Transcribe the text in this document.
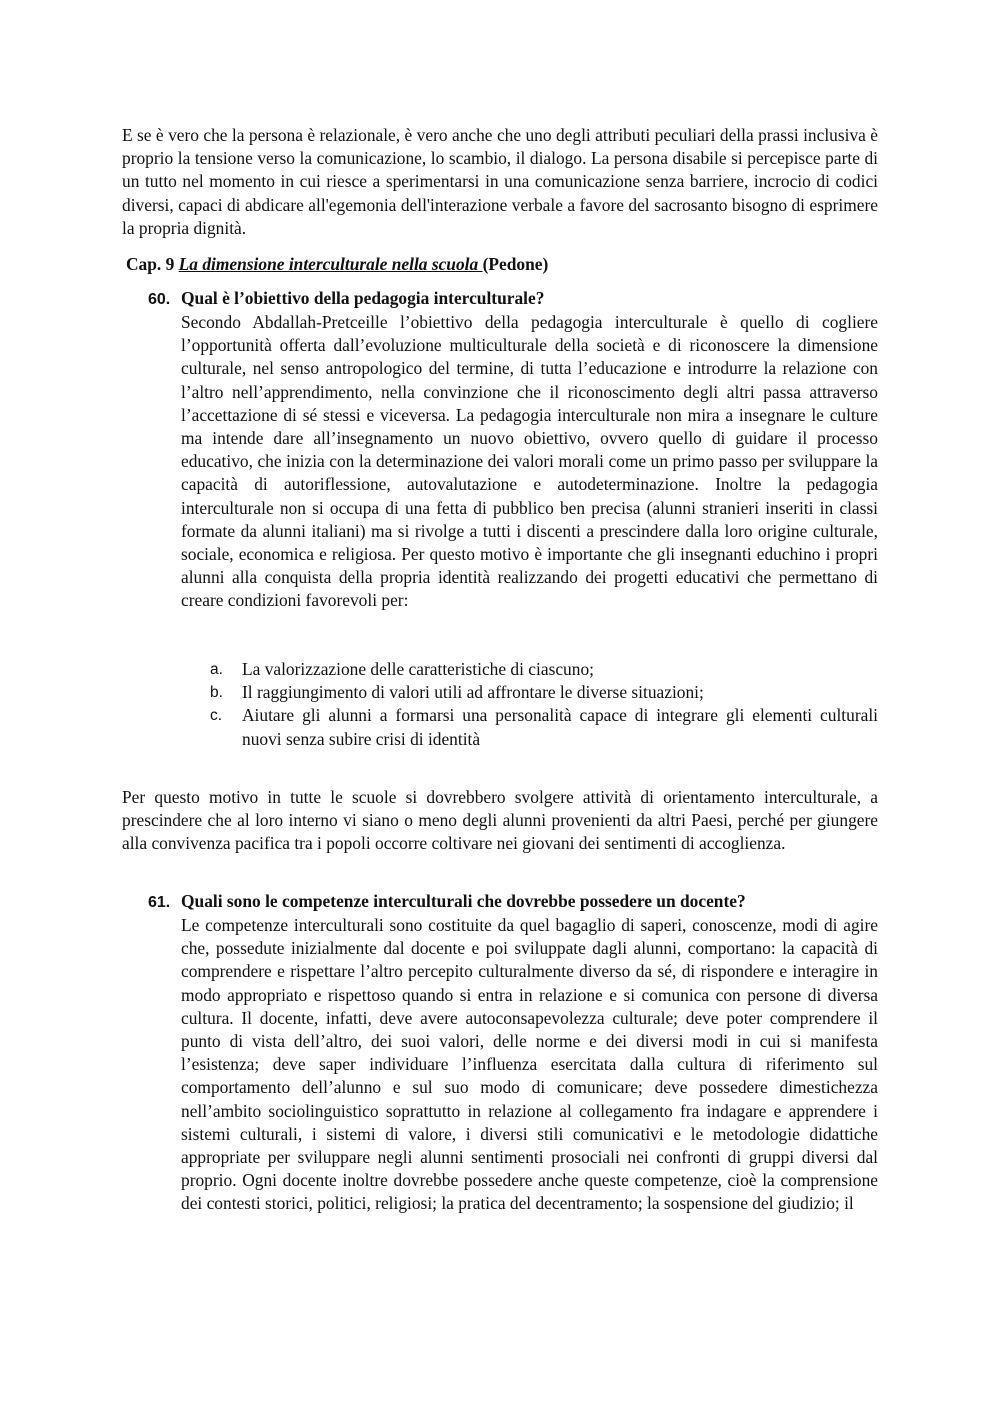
E se è vero che la persona è relazionale, è vero anche che uno degli attributi peculiari della prassi inclusiva è proprio la tensione verso la comunicazione, lo scambio, il dialogo. La persona disabile si percepisce parte di un tutto nel momento in cui riesce a sperimentarsi in una comunicazione senza barriere, incrocio di codici diversi, capaci di abdicare all'egemonia dell'interazione verbale a favore del sacrosanto bisogno di esprimere la propria dignità.

Cap. 9 La dimensione interculturale nella scuola (Pedone)
60. Qual è l’obiettivo della pedagogia interculturale?

Secondo Abdallah-Pretceille l’obiettivo della pedagogia interculturale è quello di cogliere l’opportunità offerta dall’evoluzione multiculturale della società e di riconoscere la dimensione culturale, nel senso antropologico del termine, di tutta l’educazione e introdurre la relazione con l’altro nell’apprendimento, nella convinzione che il riconoscimento degli altri passa attraverso l’accettazione di sé stessi e viceversa. La pedagogia interculturale non mira a insegnare le culture ma intende dare all’insegnamento un nuovo obiettivo, ovvero quello di guidare il processo educativo, che inizia con la determinazione dei valori morali come un primo passo per sviluppare la capacità di autoriflessione, autovalutazione e autodeterminazione. Inoltre la pedagogia interculturale non si occupa di una fetta di pubblico ben precisa (alunni stranieri inseriti in classi formate da alunni italiani) ma si rivolge a tutti i discenti a prescindere dalla loro origine culturale, sociale, economica e religiosa. Per questo motivo è importante che gli insegnanti educhino i propri alunni alla conquista della propria identità realizzando dei progetti educativi che permettano di creare condizioni favorevoli per:

a. La valorizzazione delle caratteristiche di ciascuno;
b. Il raggiungimento di valori utili ad affrontare le diverse situazioni;
c. Aiutare gli alunni a formarsi una personalità capace di integrare gli elementi culturali nuovi senza subire crisi di identità

Per questo motivo in tutte le scuole si dovrebbero svolgere attività di orientamento interculturale, a prescindere che al loro interno vi siano o meno degli alunni provenienti da altri Paesi, perché per giungere alla convivenza pacifica tra i popoli occorre coltivare nei giovani dei sentimenti di accoglienza.

61. Quali sono le competenze interculturali che dovrebbe possedere un docente?

Le competenze interculturali sono costituite da quel bagaglio di saperi, conoscenze, modi di agire che, possedute inizialmente dal docente e poi sviluppate dagli alunni, comportano: la capacità di comprendere e rispettare l’altro percepito culturalmente diverso da sé, di rispondere e interagire in modo appropriato e rispettoso quando si entra in relazione e si comunica con persone di diversa cultura. Il docente, infatti, deve avere autoconsapevolezza culturale; deve poter comprendere il punto di vista dell’altro, dei suoi valori, delle norme e dei diversi modi in cui si manifesta l’esistenza; deve saper individuare l’influenza esercitata dalla cultura di riferimento sul comportamento dell’alunno e sul suo modo di comunicare; deve possedere dimestichezza nell’ambito sociolinguistico soprattutto in relazione al collegamento fra indagare e apprendere i sistemi culturali, i sistemi di valore, i diversi stili comunicativi e le metodologie didattiche appropriate per sviluppare negli alunni sentimenti prosociali nei confronti di gruppi diversi dal proprio. Ogni docente inoltre dovrebbe possedere anche queste competenze, cioè la comprensione dei contesti storici, politici, religiosi; la pratica del decentramento; la sospensione del giudizio; il
